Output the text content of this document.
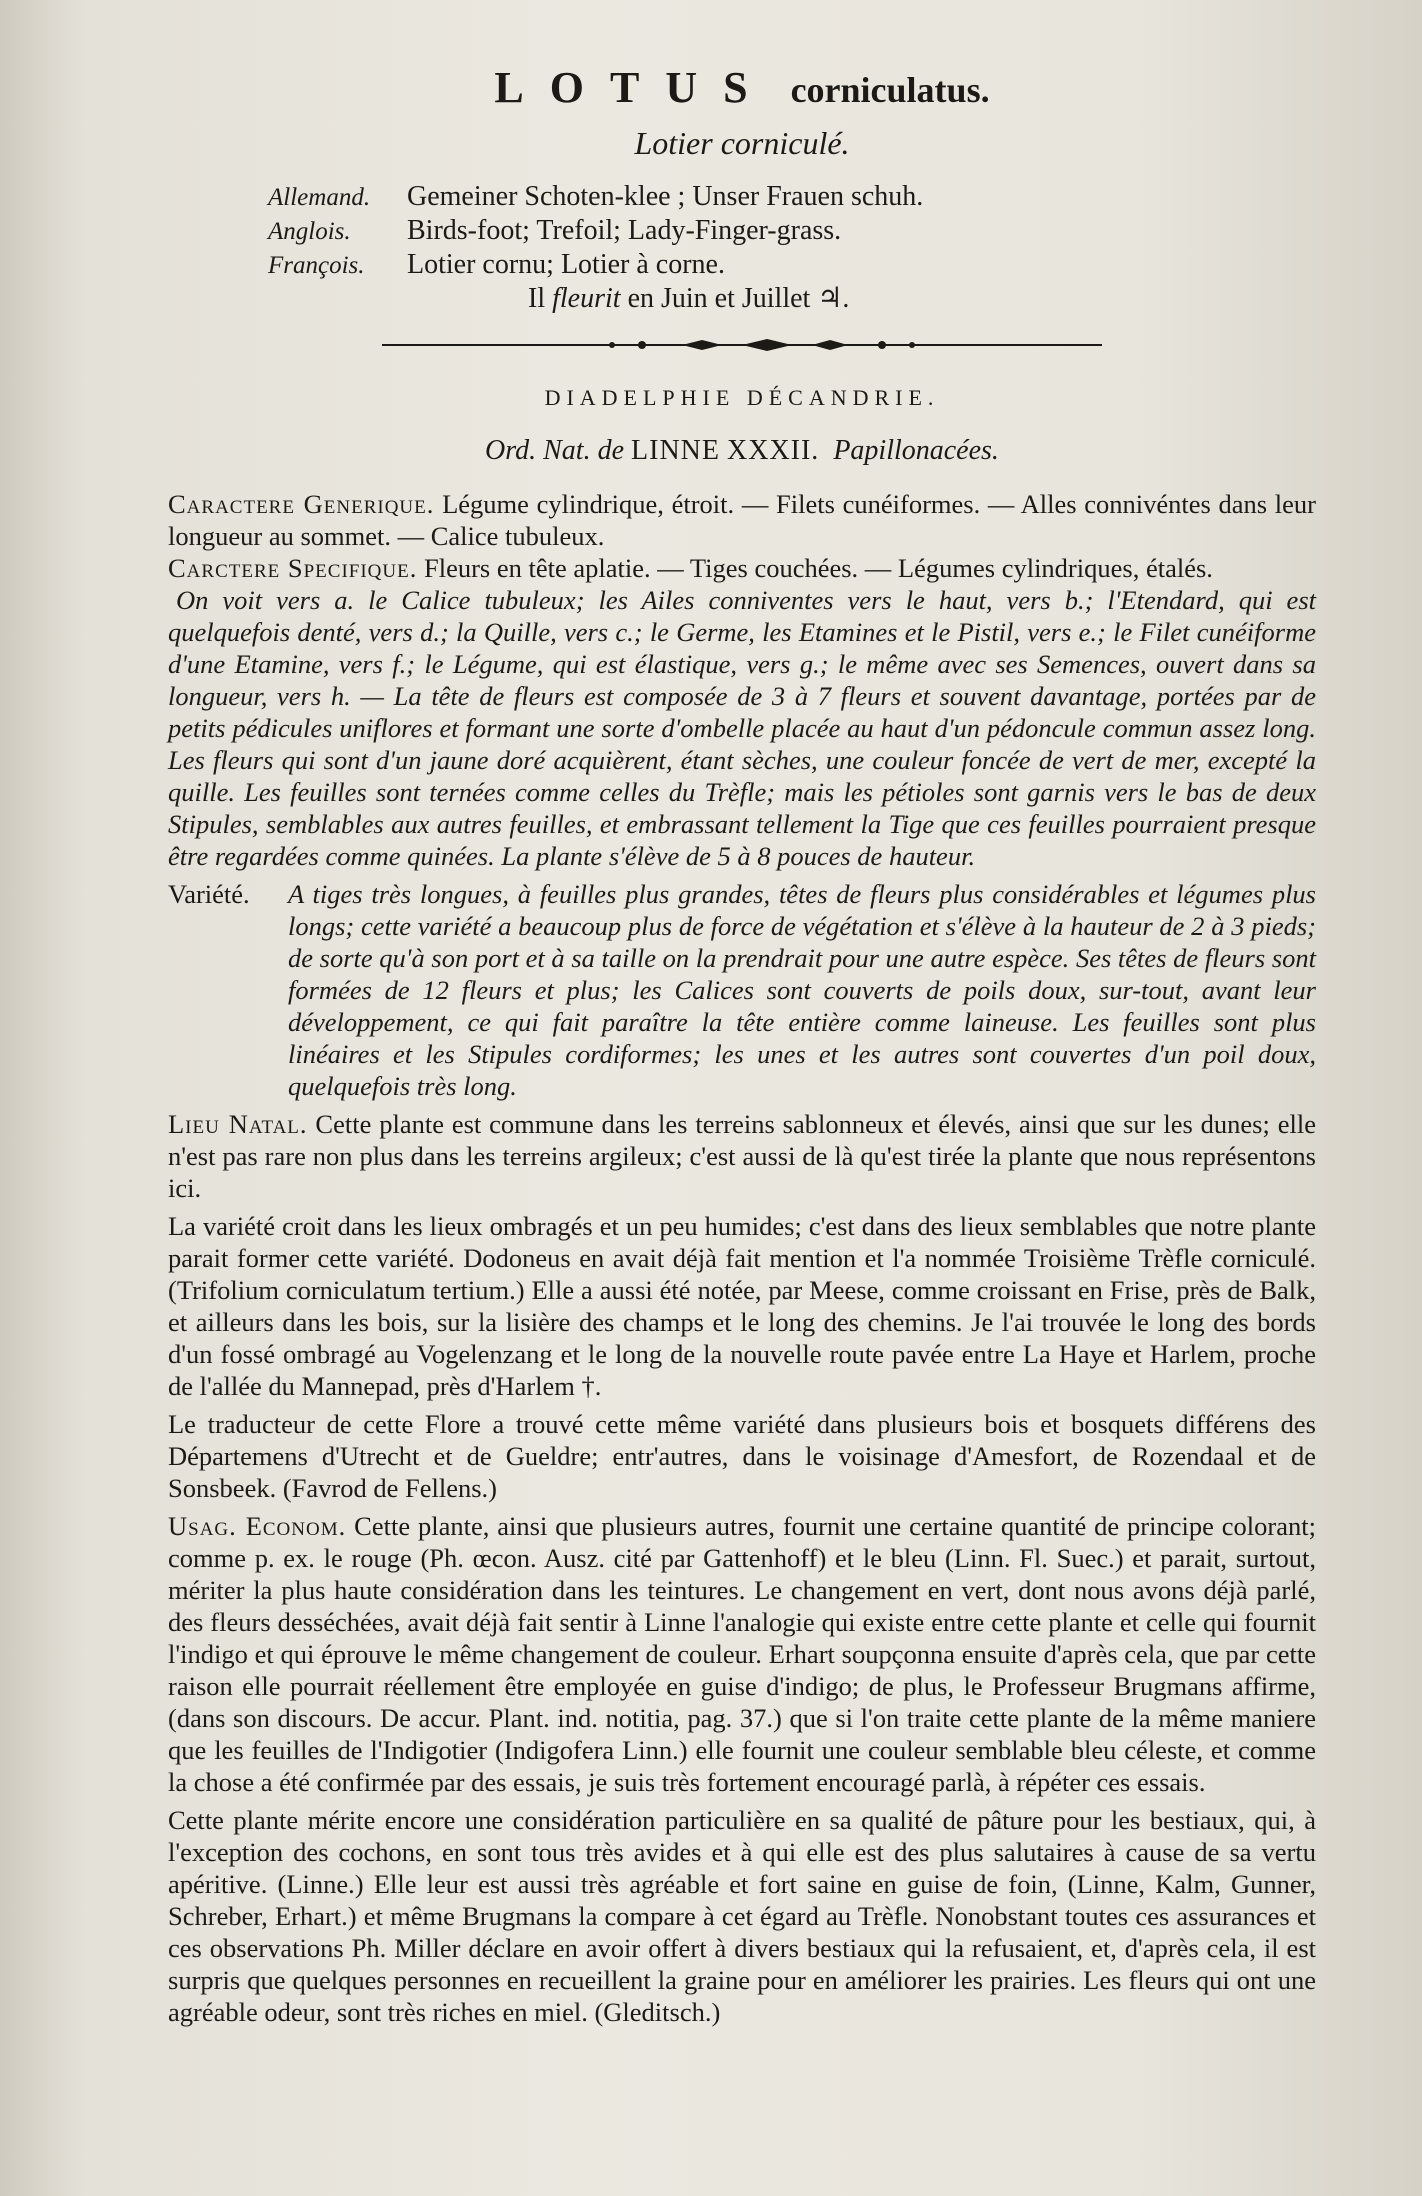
LOTUS corniculatus.
Lotier corniculé.
Allemand. Gemeiner Schoten-klee ; Unser Frauen schuh.
Anglois. Birds-foot; Trefoil; Lady-Finger-grass.
François. Lotier cornu; Lotier à corne.
Il fleurit en Juin et Juillet ♃.
DIADELPHIE DÉCANDRIE.
Ord. Nat. de LINNE XXXII. Papillonacées.

Caractere Generique. Légume cylindrique, étroit. — Filets cunéiformes. — Alles connivéntes dans leur longueur au sommet. — Calice tubuleux.

Carctere Specifique. Fleurs en tête aplatie. — Tiges couchées. — Légumes cylindriques, étalés.

On voit vers a. le Calice tubuleux; les Ailes conniventes vers le haut, vers b.; l'Etendard, qui est quelquefois denté, vers d.; la Quille, vers c.; le Germe, les Etamines et le Pistil, vers e.; le Filet cunéiforme d'une Etamine, vers f.; le Légume, qui est élastique, vers g.; le même avec ses Semences, ouvert dans sa longueur, vers h. — La tête de fleurs est composée de 3 à 7 fleurs et souvent davantage, portées par de petits pédicules uniflores et formant une sorte d'ombelle placée au haut d'un pédoncule commun assez long. Les fleurs qui sont d'un jaune doré acquièrent, étant sèches, une couleur foncée de vert de mer, excepté la quille. Les feuilles sont ternées comme celles du Trèfle; mais les pétioles sont garnis vers le bas de deux Stipules, semblables aux autres feuilles, et embrassant tellement la Tige que ces feuilles pourraient presque être regardées comme quinées. La plante s'élève de 5 à 8 pouces de hauteur.

Variété.	A tiges très longues, à feuilles plus grandes, têtes de fleurs plus considérables et légumes plus longs; cette variété a beaucoup plus de force de végétation et s'élève à la hauteur de 2 à 3 pieds; de sorte qu'à son port et à sa taille on la prendrait pour une autre espèce. Ses têtes de fleurs sont formées de 12 fleurs et plus; les Calices sont couverts de poils doux, sur-tout, avant leur développement, ce qui fait paraître la tête entière comme laineuse. Les feuilles sont plus linéaires et les Stipules cordiformes; les unes et les autres sont couvertes d'un poil doux, quelquefois très long.

Lieu Natal. Cette plante est commune dans les terreins sablonneux et élevés, ainsi que sur les dunes; elle n'est pas rare non plus dans les terreins argileux; c'est aussi de là qu'est tirée la plante que nous représentons ici.

La variété croit dans les lieux ombragés et un peu humides; c'est dans des lieux semblables que notre plante parait former cette variété. Dodoneus en avait déjà fait mention et l'a nommée Troisième Trèfle corniculé. (Trifolium corniculatum tertium.) Elle a aussi été notée, par Meese, comme croissant en Frise, près de Balk, et ailleurs dans les bois, sur la lisière des champs et le long des chemins. Je l'ai trouvée le long des bords d'un fossé ombragé au Vogelenzang et le long de la nouvelle route pavée entre La Haye et Harlem, proche de l'allée du Mannepad, près d'Harlem †.

Le traducteur de cette Flore a trouvé cette même variété dans plusieurs bois et bosquets différens des Départemens d'Utrecht et de Gueldre; entr'autres, dans le voisinage d'Amesfort, de Rozendaal et de Sonsbeek. (Favrod de Fellens.)

Usag. Econom. Cette plante, ainsi que plusieurs autres, fournit une certaine quantité de principe colorant; comme p. ex. le rouge (Ph. œcon. Ausz. cité par Gattenhoff) et le bleu (Linn. Fl. Suec.) et parait, surtout, mériter la plus haute considération dans les teintures. Le changement en vert, dont nous avons déjà parlé, des fleurs desséchées, avait déjà fait sentir à Linne l'analogie qui existe entre cette plante et celle qui fournit l'indigo et qui éprouve le même changement de couleur. Erhart soupçonna ensuite d'après cela, que par cette raison elle pourrait réellement être employée en guise d'indigo; de plus, le Professeur Brugmans affirme, (dans son discours. De accur. Plant. ind. notitia, pag. 37.) que si l'on traite cette plante de la même maniere que les feuilles de l'Indigotier (Indigofera Linn.) elle fournit une couleur semblable bleu céleste, et comme la chose a été confirmée par des essais, je suis très fortement encouragé parlà, à répéter ces essais.

Cette plante mérite encore une considération particulière en sa qualité de pâture pour les bestiaux, qui, à l'exception des cochons, en sont tous très avides et à qui elle est des plus salutaires à cause de sa vertu apéritive. (Linne.) Elle leur est aussi très agréable et fort saine en guise de foin, (Linne, Kalm, Gunner, Schreber, Erhart.) et même Brugmans la compare à cet égard au Trèfle. Nonobstant toutes ces assurances et ces observations Ph. Miller déclare en avoir offert à divers bestiaux qui la refusaient, et, d'après cela, il est surpris que quelques personnes en recueillent la graine pour en améliorer les prairies. Les fleurs qui ont une agréable odeur, sont très riches en miel. (Gleditsch.)
